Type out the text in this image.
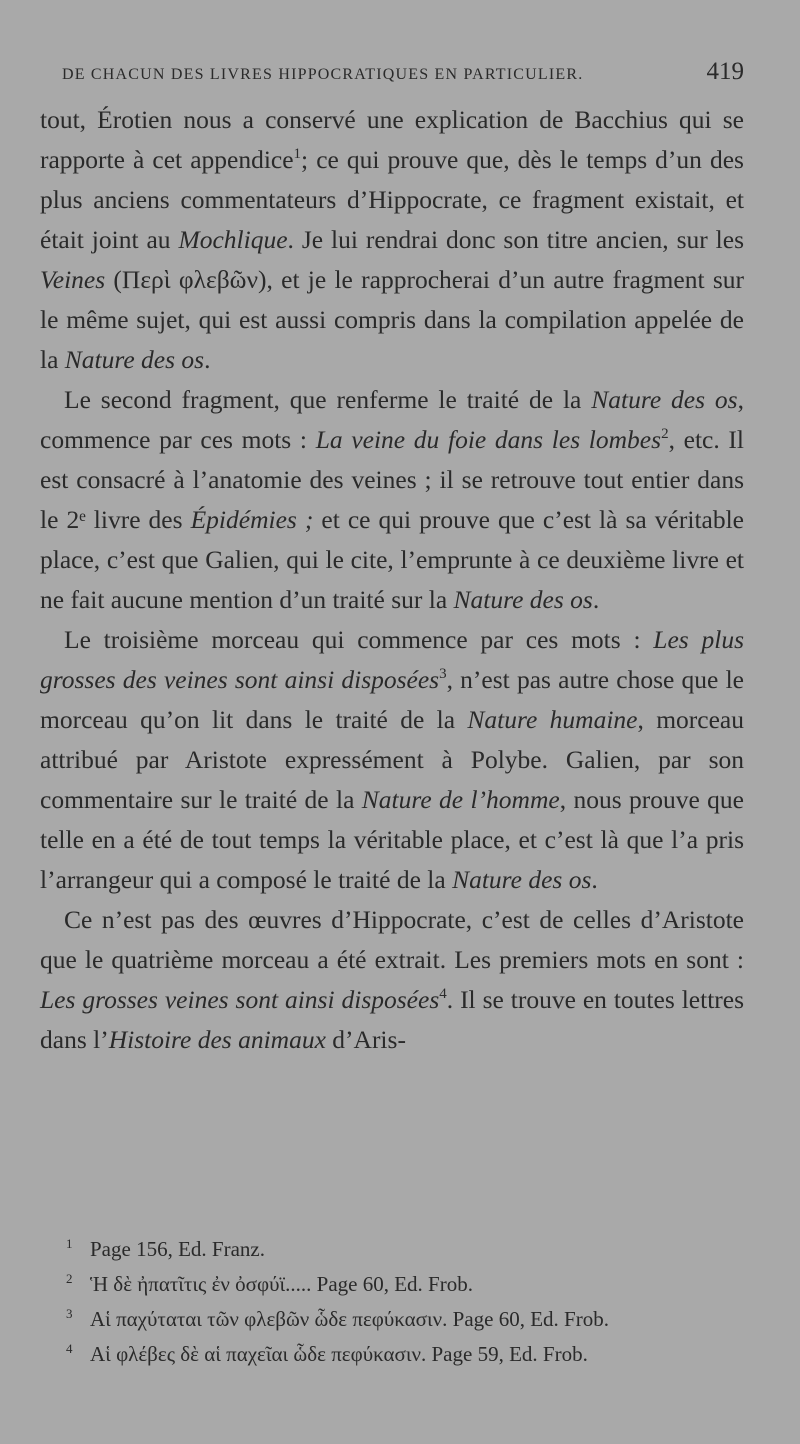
DE CHACUN DES LIVRES HIPPOCRATIQUES EN PARTICULIER.	419

tout, Érotien nous a conservé une explication de Bacchius qui se rapporte à cet appendice$^1$; ce qui prouve que, dès le temps d’un des plus anciens commentateurs d’Hippocrate, ce fragment existait, et était joint au Mochlique. Je lui rendrai donc son titre ancien, sur les Veines (Περὶ φλεβῶν), et je le rapprocherai d’un autre fragment sur le même sujet, qui est aussi compris dans la compilation appelée de la Nature des os.

Le second fragment, que renferme le traité de la Nature des os, commence par ces mots : La veine du foie dans les lombes$^2$, etc. Il est consacré à l’anatomie des veines ; il se retrouve tout entier dans le 2ᵉ livre des Épidémies ; et ce qui prouve que c’est là sa véritable place, c’est que Galien, qui le cite, l’emprunte à ce deuxième livre et ne fait aucune mention d’un traité sur la Nature des os.

Le troisième morceau qui commence par ces mots : Les plus grosses des veines sont ainsi disposées$^3$, n’est pas autre chose que le morceau qu’on lit dans le traité de la Nature humaine, morceau attribué par Aristote expressément à Polybe. Galien, par son commentaire sur le traité de la Nature de l’homme, nous prouve que telle en a été de tout temps la véritable place, et c’est là que l’a pris l’arrangeur qui a composé le traité de la Nature des os.

Ce n’est pas des œuvres d’Hippocrate, c’est de celles d’Aristote que le quatrième morceau a été extrait. Les premiers mots en sont : Les grosses veines sont ainsi disposées$^4$. Il se trouve en toutes lettres dans l’Histoire des animaux d’Aris-

1 Page 156, Ed. Franz.
2 Ἡ δὲ ἠπατῖτις ἐν ὀσφύϊ..... Page 60, Ed. Frob.
3 Αἱ παχύταται τῶν φλεβῶν ὧδε πεφύκασιν. Page 60, Ed. Frob.
4 Αἱ φλέβες δὲ αἱ παχεῖαι ὧδε πεφύκασιν. Page 59, Ed. Frob.
